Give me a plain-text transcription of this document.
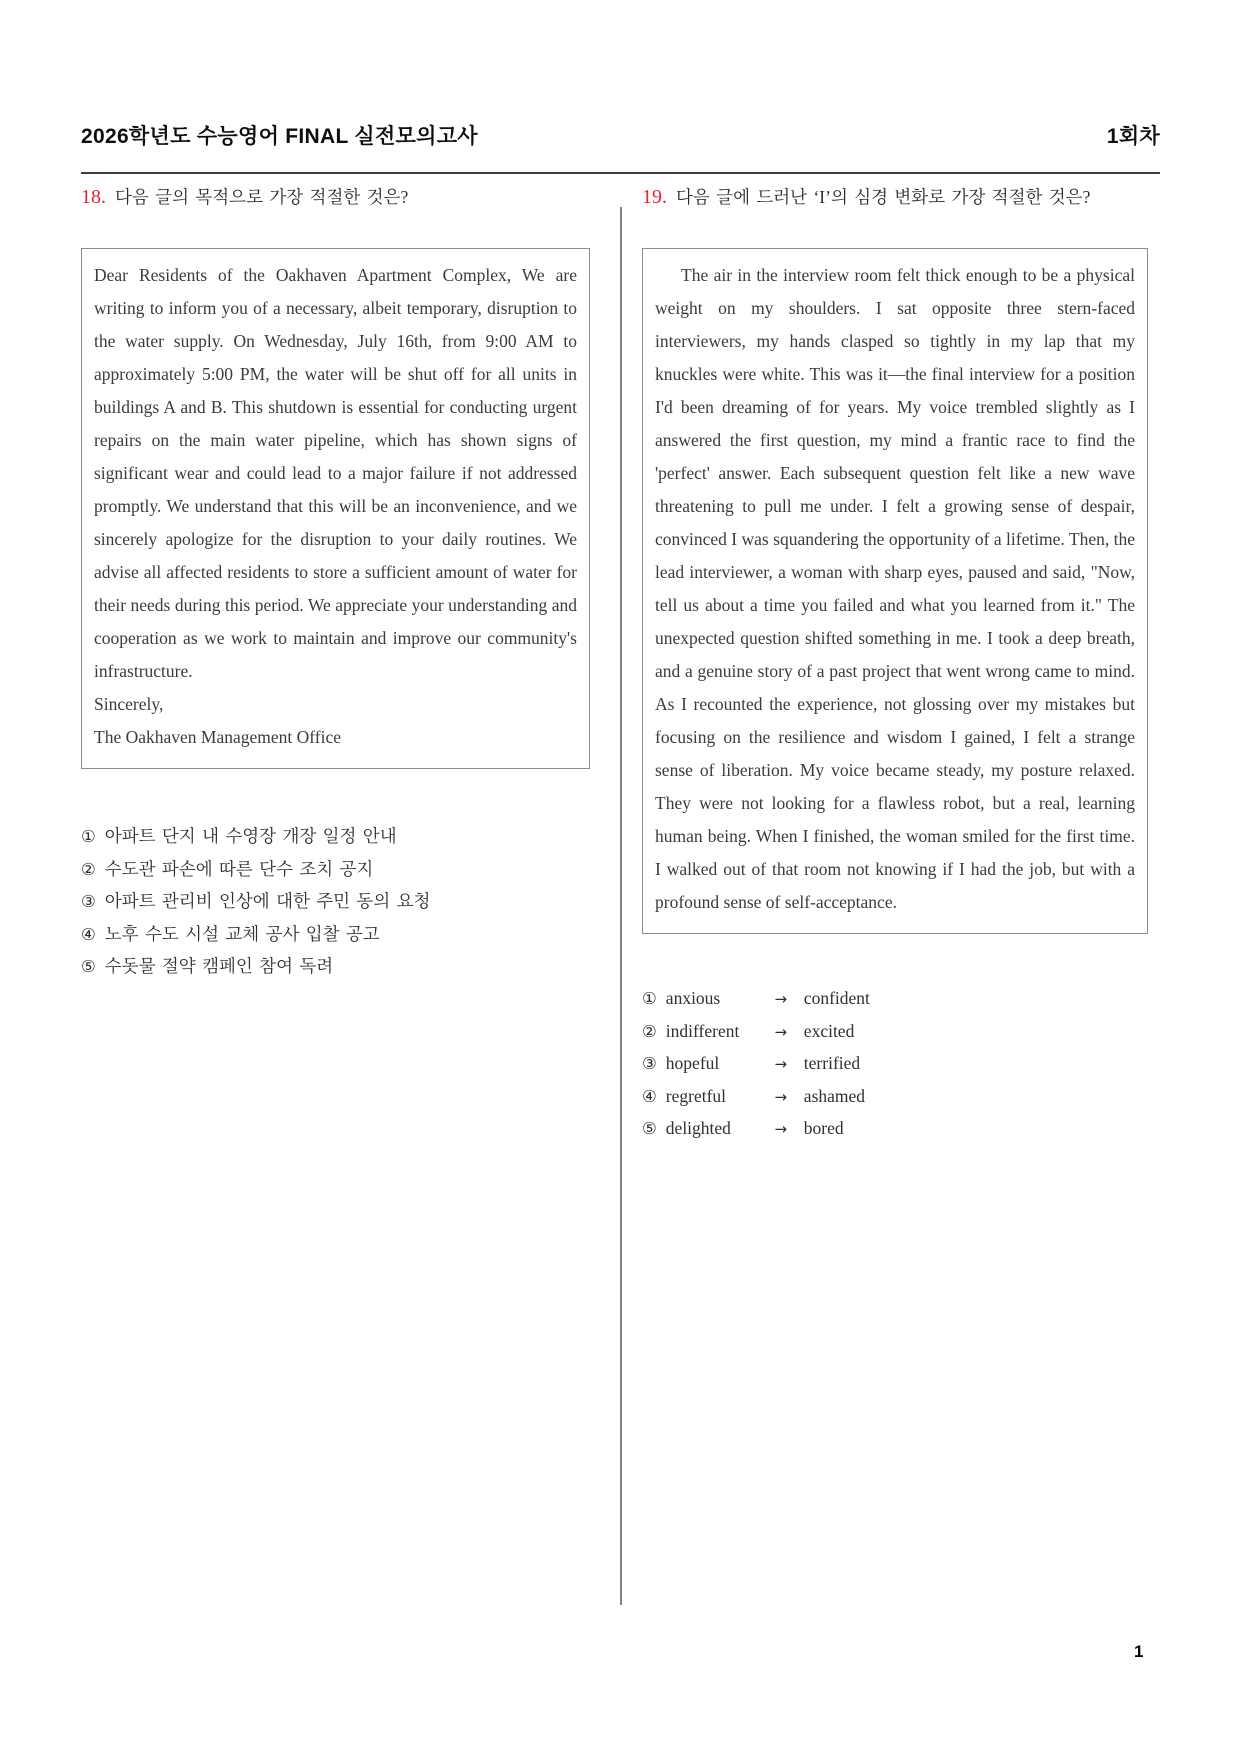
2026학년도 수능영어 FINAL 실전모의고사	1회차
18. 다음 글의 목적으로 가장 적절한 것은?

Dear Residents of the Oakhaven Apartment Complex, We are writing to inform you of a necessary, albeit temporary, disruption to the water supply. On Wednesday, July 16th, from 9:00 AM to approximately 5:00 PM, the water will be shut off for all units in buildings A and B. This shutdown is essential for conducting urgent repairs on the main water pipeline, which has shown signs of significant wear and could lead to a major failure if not addressed promptly. We understand that this will be an inconvenience, and we sincerely apologize for the disruption to your daily routines. We advise all affected residents to store a sufficient amount of water for their needs during this period. We appreciate your understanding and cooperation as we work to maintain and improve our community's infrastructure.

Sincerely,

The Oakhaven Management Office

① 아파트 단지 내 수영장 개장 일정 안내
② 수도관 파손에 따른 단수 조치 공지
③ 아파트 관리비 인상에 대한 주민 동의 요청
④ 노후 수도 시설 교체 공사 입찰 공고
⑤ 수돗물 절약 캠페인 참여 독려
19. 다음 글에 드러난 ‘I’의 심경 변화로 가장 적절한 것은?

The air in the interview room felt thick enough to be a physical weight on my shoulders. I sat opposite three stern-faced interviewers, my hands clasped so tightly in my lap that my knuckles were white. This was it—the final interview for a position I'd been dreaming of for years. My voice trembled slightly as I answered the first question, my mind a frantic race to find the 'perfect' answer. Each subsequent question felt like a new wave threatening to pull me under. I felt a growing sense of despair, convinced I was squandering the opportunity of a lifetime. Then, the lead interviewer, a woman with sharp eyes, paused and said, "Now, tell us about a time you failed and what you learned from it." The unexpected question shifted something in me. I took a deep breath, and a genuine story of a past project that went wrong came to mind. As I recounted the experience, not glossing over my mistakes but focusing on the resilience and wisdom I gained, I felt a strange sense of liberation. My voice became steady, my posture relaxed. They were not looking for a flawless robot, but a real, learning human being. When I finished, the woman smiled for the first time. I walked out of that room not knowing if I had the job, but with a profound sense of self-acceptance.

① anxious	→ confident
② indifferent	→ excited
③ hopeful	→ terrified
④ regretful	→ ashamed
⑤ delighted	→ bored
1
